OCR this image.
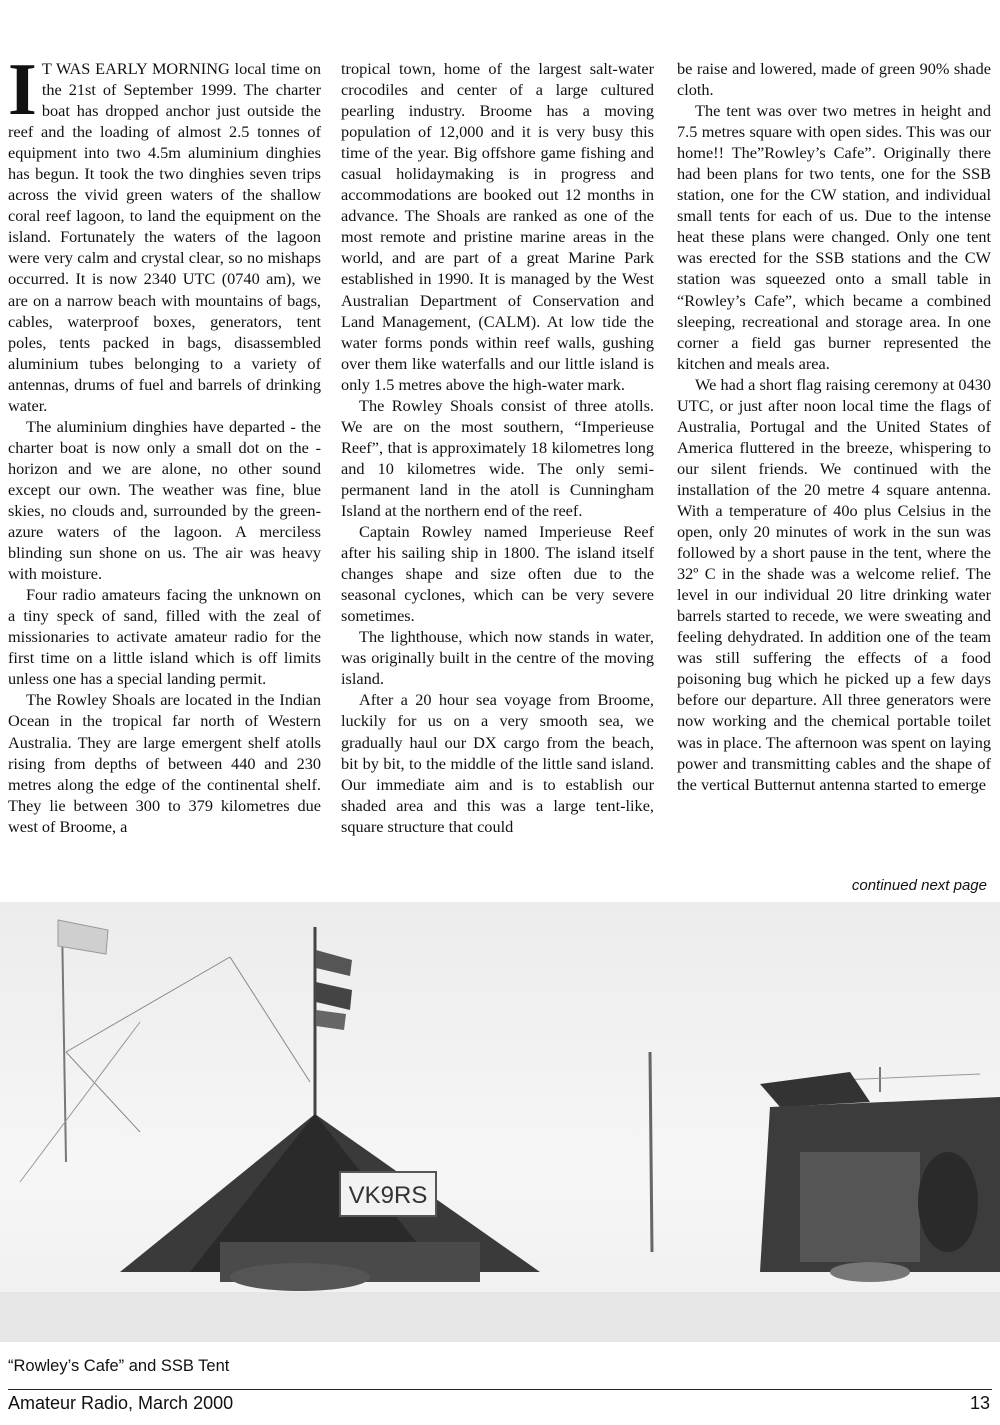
I T WAS EARLY MORNING local time on the 21st of September 1999. The charter boat has dropped anchor just outside the reef and the loading of almost 2.5 tonnes of equipment into two 4.5m aluminium dinghies has begun. It took the two dinghies seven trips across the vivid green waters of the shallow coral reef lagoon, to land the equipment on the island. Fortunately the waters of the lagoon were very calm and crystal clear, so no mishaps occurred. It is now 2340 UTC (0740 am), we are on a narrow beach with mountains of bags, cables, waterproof boxes, generators, tent poles, tents packed in bags, disassembled aluminium tubes belonging to a variety of antennas, drums of fuel and barrels of drinking water.

The aluminium dinghies have departed - the charter boat is now only a small dot on the -horizon and we are alone, no other sound except our own. The weather was fine, blue skies, no clouds and, surrounded by the green-azure waters of the lagoon. A merciless blinding sun shone on us. The air was heavy with moisture.

Four radio amateurs facing the unknown on a tiny speck of sand, filled with the zeal of missionaries to activate amateur radio for the first time on a little island which is off limits unless one has a special landing permit.

The Rowley Shoals are located in the Indian Ocean in the tropical far north of Western Australia. They are large emergent shelf atolls rising from depths of between 440 and 230 metres along the edge of the continental shelf. They lie between 300 to 379 kilometres due west of Broome, a

tropical town, home of the largest salt-water crocodiles and center of a large cultured pearling industry. Broome has a moving population of 12,000 and it is very busy this time of the year. Big offshore game fishing and casual holidaymaking is in progress and accommodations are booked out 12 months in advance. The Shoals are ranked as one of the most remote and pristine marine areas in the world, and are part of a great Marine Park established in 1990. It is managed by the West Australian Department of Conservation and Land Management, (CALM). At low tide the water forms ponds within reef walls, gushing over them like waterfalls and our little island is only 1.5 metres above the high-water mark.

The Rowley Shoals consist of three atolls. We are on the most southern, “Imperieuse Reef”, that is approximately 18 kilometres long and 10 kilometres wide. The only semi-permanent land in the atoll is Cunningham Island at the northern end of the reef.

Captain Rowley named Imperieuse Reef after his sailing ship in 1800. The island itself changes shape and size often due to the seasonal cyclones, which can be very severe sometimes.

The lighthouse, which now stands in water, was originally built in the centre of the moving island.

After a 20 hour sea voyage from Broome, luckily for us on a very smooth sea, we gradually haul our DX cargo from the beach, bit by bit, to the middle of the little sand island. Our immediate aim and is to establish our shaded area and this was a large tent-like, square structure that could

be raise and lowered, made of green 90% shade cloth.

The tent was over two metres in height and 7.5 metres square with open sides. This was our home!! The”Rowley’s Cafe”. Originally there had been plans for two tents, one for the SSB station, one for the CW station, and individual small tents for each of us. Due to the intense heat these plans were changed. Only one tent was erected for the SSB stations and the CW station was squeezed onto a small table in “Rowley’s Cafe”, which became a combined sleeping, recreational and storage area. In one corner a field gas burner represented the kitchen and meals area.

We had a short flag raising ceremony at 0430 UTC, or just after noon local time the flags of Australia, Portugal and the United States of America fluttered in the breeze, whispering to our silent friends. We continued with the installation of the 20 metre 4 square antenna. With a temperature of 40o plus Celsius in the open, only 20 minutes of work in the sun was followed by a short pause in the tent, where the 32º C in the shade was a welcome relief. The level in our individual 20 litre drinking water barrels started to recede, we were sweating and feeling dehydrated. In addition one of the team was still suffering the effects of a food poisoning bug which he picked up a few days before our departure. All three generators were now working and the chemical portable toilet was in place. The afternoon was spent on laying power and transmitting cables and the shape of the vertical Butternut antenna started to emerge

continued next page
VK9RS
“Rowley’s Cafe” and SSB Tent
Amateur Radio, March 2000	13
